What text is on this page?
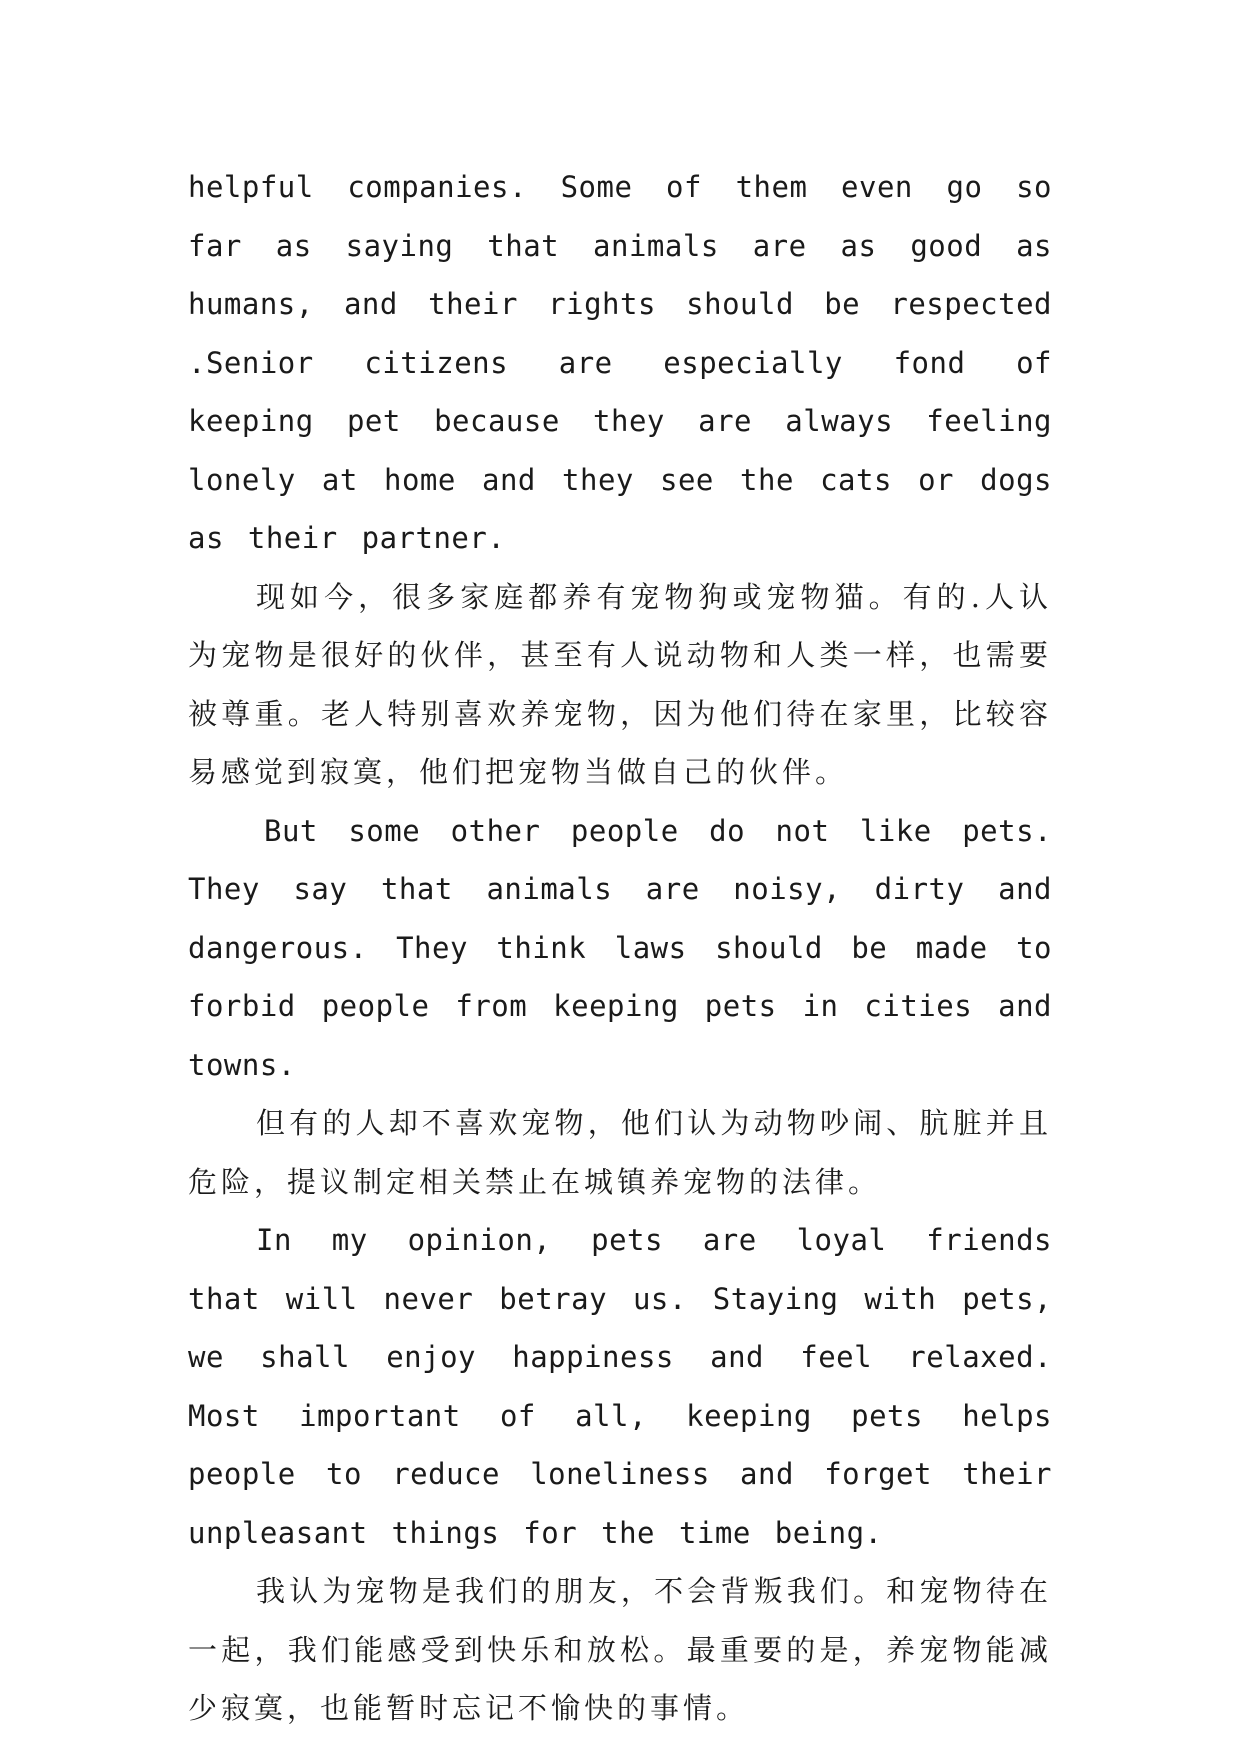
helpful companies. Some of them even go so far as saying that animals are as good as humans, and their rights should be respected .Senior citizens are especially fond of keeping pet because they are always feeling lonely at home and they see the cats or dogs as their partner.

现如今，很多家庭都养有宠物狗或宠物猫。有的.人认为宠物是很好的伙伴，甚至有人说动物和人类一样，也需要被尊重。老人特别喜欢养宠物，因为他们待在家里，比较容易感觉到寂寞，他们把宠物当做自己的伙伴。

But some other people do not like pets. They say that animals are noisy, dirty and dangerous. They think laws should be made to forbid people from keeping pets in cities and towns.

但有的人却不喜欢宠物，他们认为动物吵闹、肮脏并且危险，提议制定相关禁止在城镇养宠物的法律。

In my opinion, pets are loyal friends that will never betray us. Staying with pets, we shall enjoy happiness and feel relaxed. Most important of all, keeping pets helps people to reduce loneliness and forget their unpleasant things for the time being.

我认为宠物是我们的朋友，不会背叛我们。和宠物待在一起，我们能感受到快乐和放松。最重要的是，养宠物能减少寂寞，也能暂时忘记不愉快的事情。
